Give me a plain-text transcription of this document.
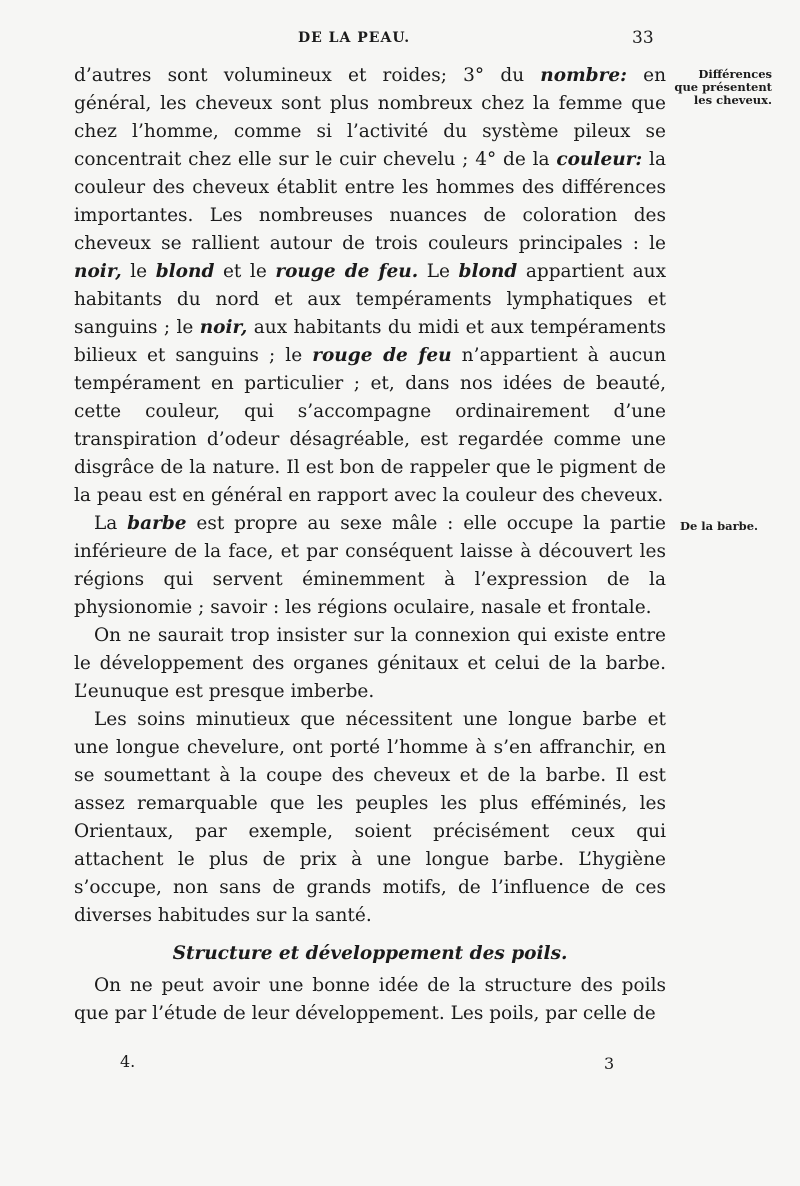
DE LA PEAU.	33
Différences que présentent les cheveux.
De la barbe.

d’autres sont volumineux et roides; 3° du nombre: en général, les cheveux sont plus nombreux chez la femme que chez l’homme, comme si l’activité du système pileux se concentrait chez elle sur le cuir chevelu ; 4° de la couleur: la couleur des cheveux établit entre les hommes des différences importantes. Les nombreuses nuances de coloration des cheveux se rallient autour de trois couleurs principales : le noir, le blond et le rouge de feu. Le blond appartient aux habitants du nord et aux tempéraments lymphatiques et sanguins ; le noir, aux habitants du midi et aux tempéraments bilieux et sanguins ; le rouge de feu n’appartient à aucun tempérament en particulier ; et, dans nos idées de beauté, cette couleur, qui s’accompagne ordinairement d’une transpiration d’odeur désagréable, est regardée comme une disgrâce de la nature. Il est bon de rappeler que le pigment de la peau est en général en rapport avec la couleur des cheveux.

La barbe est propre au sexe mâle : elle occupe la partie inférieure de la face, et par conséquent laisse à découvert les régions qui servent éminemment à l’expression de la physionomie ; savoir : les régions oculaire, nasale et frontale.

On ne saurait trop insister sur la connexion qui existe entre le développement des organes génitaux et celui de la barbe. L’eunuque est presque imberbe.

Les soins minutieux que nécessitent une longue barbe et une longue chevelure, ont porté l’homme à s’en affranchir, en se soumettant à la coupe des cheveux et de la barbe. Il est assez remarquable que les peuples les plus efféminés, les Orientaux, par exemple, soient précisément ceux qui attachent le plus de prix à une longue barbe. L’hygiène s’occupe, non sans de grands motifs, de l’influence de ces diverses habitudes sur la santé.

Structure et développement des poils.

On ne peut avoir une bonne idée de la structure des poils que par l’étude de leur développement. Les poils, par celle de

4.	3
